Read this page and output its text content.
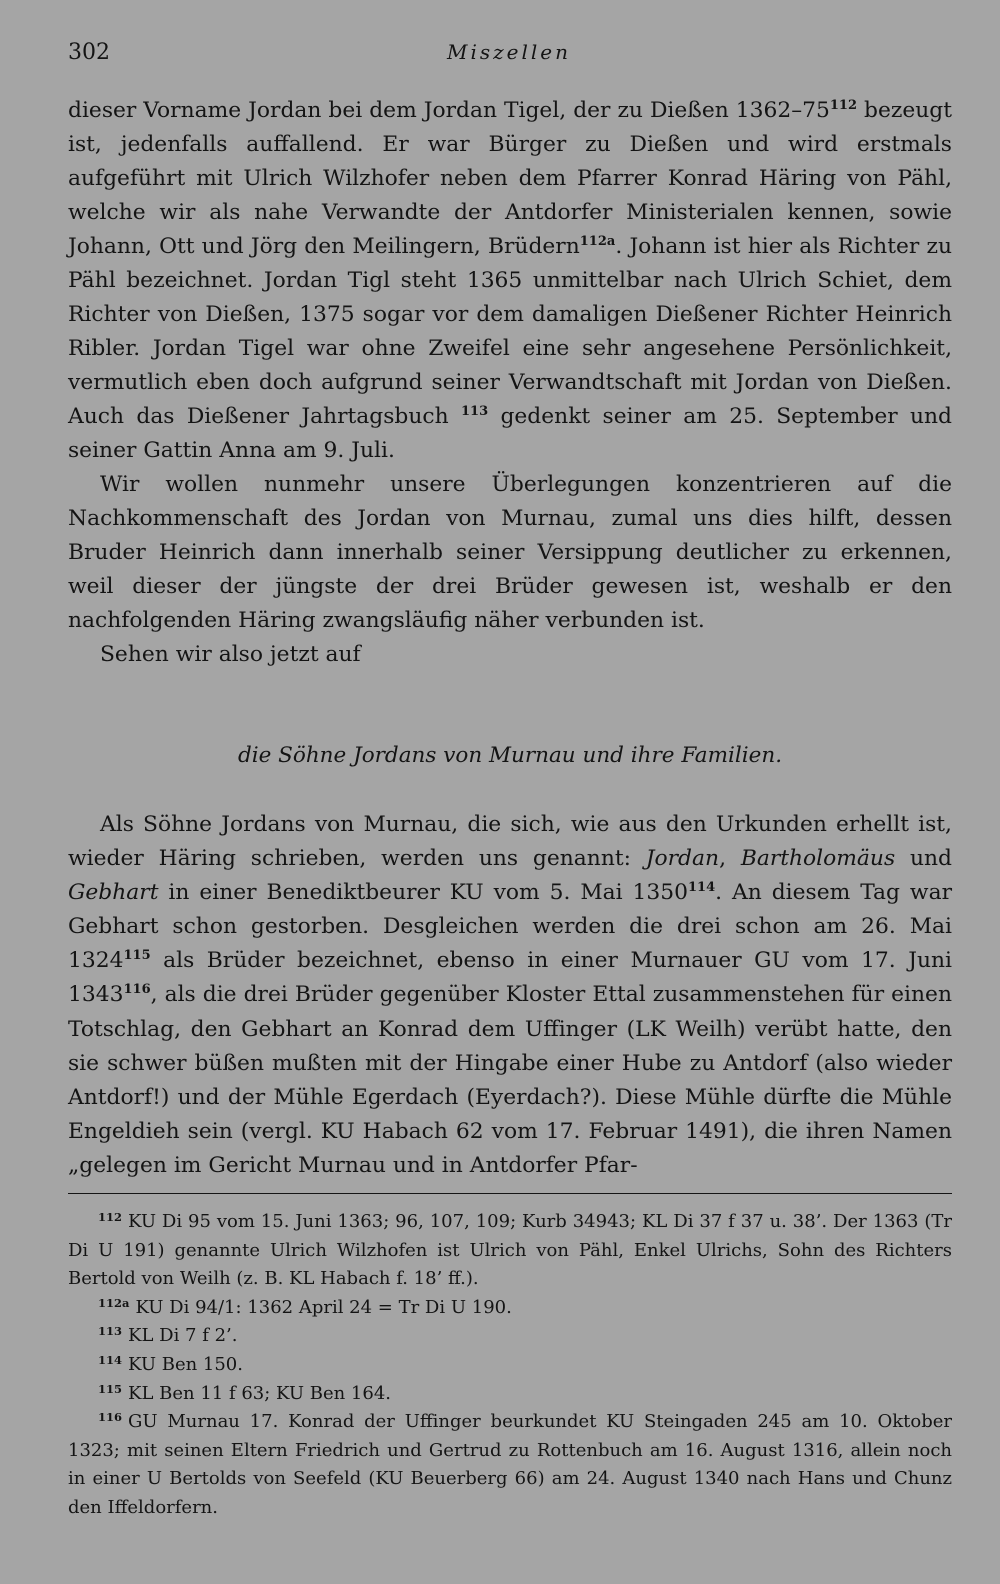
302	Miszellen

dieser Vorname Jordan bei dem Jordan Tigel, der zu Dießen 1362–75$^{112}$ bezeugt ist, jedenfalls auffallend. Er war Bürger zu Dießen und wird erstmals aufgeführt mit Ulrich Wilzhofer neben dem Pfarrer Konrad Häring von Pähl, welche wir als nahe Verwandte der Antdorfer Ministerialen kennen, sowie Johann, Ott und Jörg den Meilingern, Brüdern$^{112a}$. Johann ist hier als Richter zu Pähl bezeichnet. Jordan Tigl steht 1365 unmittelbar nach Ulrich Schiet, dem Richter von Dießen, 1375 sogar vor dem damaligen Dießener Richter Heinrich Ribler. Jordan Tigel war ohne Zweifel eine sehr angesehene Persönlichkeit, vermutlich eben doch aufgrund seiner Verwandtschaft mit Jordan von Dießen. Auch das Dießener Jahrtagsbuch $^{113}$ gedenkt seiner am 25. September und seiner Gattin Anna am 9. Juli.

Wir wollen nunmehr unsere Überlegungen konzentrieren auf die Nachkommenschaft des Jordan von Murnau, zumal uns dies hilft, dessen Bruder Heinrich dann innerhalb seiner Versippung deutlicher zu erkennen, weil dieser der jüngste der drei Brüder gewesen ist, weshalb er den nachfolgenden Häring zwangsläufig näher verbunden ist.

Sehen wir also jetzt auf

die Söhne Jordans von Murnau und ihre Familien.
Als Söhne Jordans von Murnau, die sich, wie aus den Urkunden erhellt ist, wieder Häring schrieben, werden uns genannt: Jordan, Bartholomäus und Gebhart in einer Benediktbeurer KU vom 5. Mai 1350$^{114}$. An diesem Tag war Gebhart schon gestorben. Desgleichen werden die drei schon am 26. Mai 1324$^{115}$ als Brüder bezeichnet, ebenso in einer Murnauer GU vom 17. Juni 1343$^{116}$, als die drei Brüder gegenüber Kloster Ettal zusammenstehen für einen Totschlag, den Gebhart an Konrad dem Uffinger (LK Weilh) verübt hatte, den sie schwer büßen mußten mit der Hingabe einer Hube zu Antdorf (also wieder Antdorf!) und der Mühle Egerdach (Eyerdach?). Diese Mühle dürfte die Mühle Engeldieh sein (vergl. KU Habach 62 vom 17. Februar 1491), die ihren Namen „gelegen im Gericht Murnau und in Antdorfer Pfar-

$^{112}$ KU Di 95 vom 15. Juni 1363; 96, 107, 109; Kurb 34943; KL Di 37 f 37 u. 38’. Der 1363 (Tr Di U 191) genannte Ulrich Wilzhofen ist Ulrich von Pähl, Enkel Ulrichs, Sohn des Richters Bertold von Weilh (z. B. KL Habach f. 18’ ff.).

$^{112a}$ KU Di 94/1: 1362 April 24 = Tr Di U 190.

$^{113}$ KL Di 7 f 2’.

$^{114}$ KU Ben 150.

$^{115}$ KL Ben 11 f 63; KU Ben 164.

$^{116}$ GU Murnau 17. Konrad der Uffinger beurkundet KU Steingaden 245 am 10. Oktober 1323; mit seinen Eltern Friedrich und Gertrud zu Rottenbuch am 16. August 1316, allein noch in einer U Bertolds von Seefeld (KU Beuerberg 66) am 24. August 1340 nach Hans und Chunz den Iffeldorfern.
